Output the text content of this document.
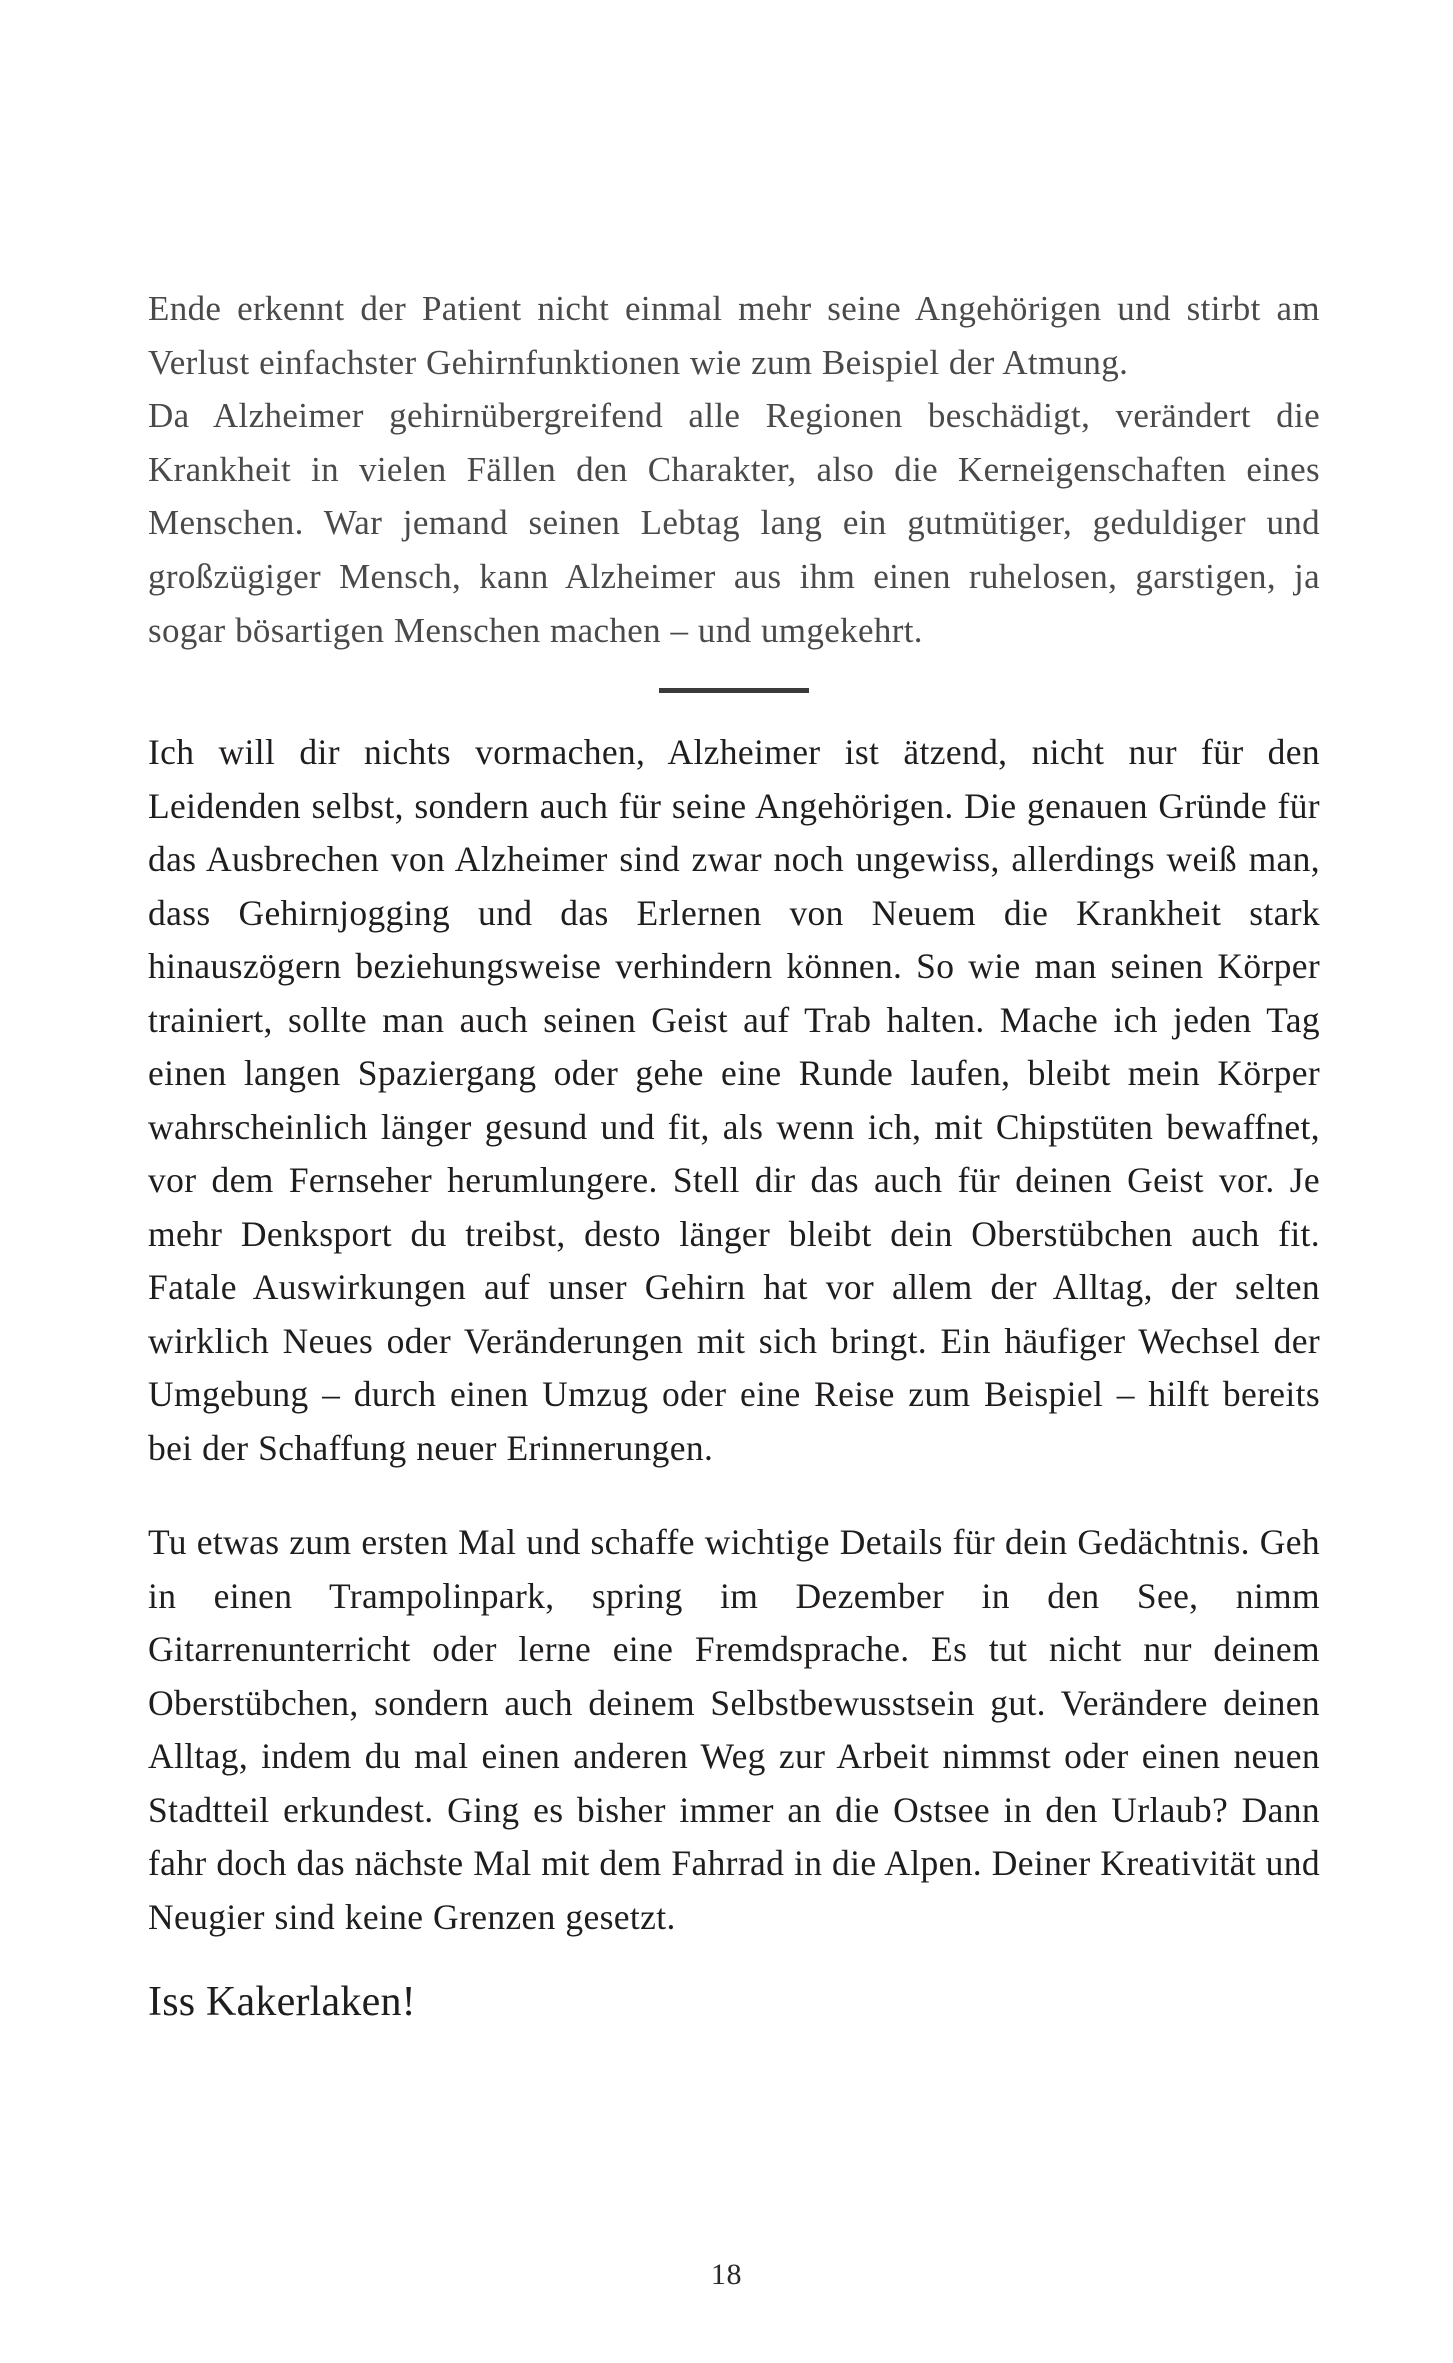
Ende erkennt der Patient nicht einmal mehr seine Angehörigen und stirbt am Verlust einfachster Gehirnfunktionen wie zum Beispiel der Atmung.

Da Alzheimer gehirnübergreifend alle Regionen beschädigt, verändert die Krankheit in vielen Fällen den Charakter, also die Kerneigenschaften eines Menschen. War jemand seinen Lebtag lang ein gutmütiger, geduldiger und großzügiger Mensch, kann Alzheimer aus ihm einen ruhelosen, garstigen, ja sogar bösartigen Menschen machen – und umgekehrt.

Ich will dir nichts vormachen, Alzheimer ist ätzend, nicht nur für den Leidenden selbst, sondern auch für seine Angehörigen. Die genauen Gründe für das Ausbrechen von Alzheimer sind zwar noch ungewiss, allerdings weiß man, dass Gehirnjogging und das Erlernen von Neuem die Krankheit stark hinauszögern beziehungsweise verhindern können. So wie man seinen Körper trainiert, sollte man auch seinen Geist auf Trab halten. Mache ich jeden Tag einen langen Spaziergang oder gehe eine Runde laufen, bleibt mein Körper wahrscheinlich länger gesund und fit, als wenn ich, mit Chipstüten bewaffnet, vor dem Fernseher herumlungere. Stell dir das auch für deinen Geist vor. Je mehr Denksport du treibst, desto länger bleibt dein Oberstübchen auch fit. Fatale Auswirkungen auf unser Gehirn hat vor allem der Alltag, der selten wirklich Neues oder Veränderungen mit sich bringt. Ein häufiger Wechsel der Umgebung – durch einen Umzug oder eine Reise zum Beispiel – hilft bereits bei der Schaffung neuer Erinnerungen.

Tu etwas zum ersten Mal und schaffe wichtige Details für dein Gedächtnis. Geh in einen Trampolinpark, spring im Dezember in den See, nimm Gitarrenunterricht oder lerne eine Fremdsprache. Es tut nicht nur deinem Oberstübchen, sondern auch deinem Selbstbewusstsein gut. Verändere deinen Alltag, indem du mal einen anderen Weg zur Arbeit nimmst oder einen neuen Stadtteil erkundest. Ging es bisher immer an die Ostsee in den Urlaub? Dann fahr doch das nächste Mal mit dem Fahrrad in die Alpen. Deiner Kreativität und Neugier sind keine Grenzen gesetzt.

Iss Kakerlaken!
18
